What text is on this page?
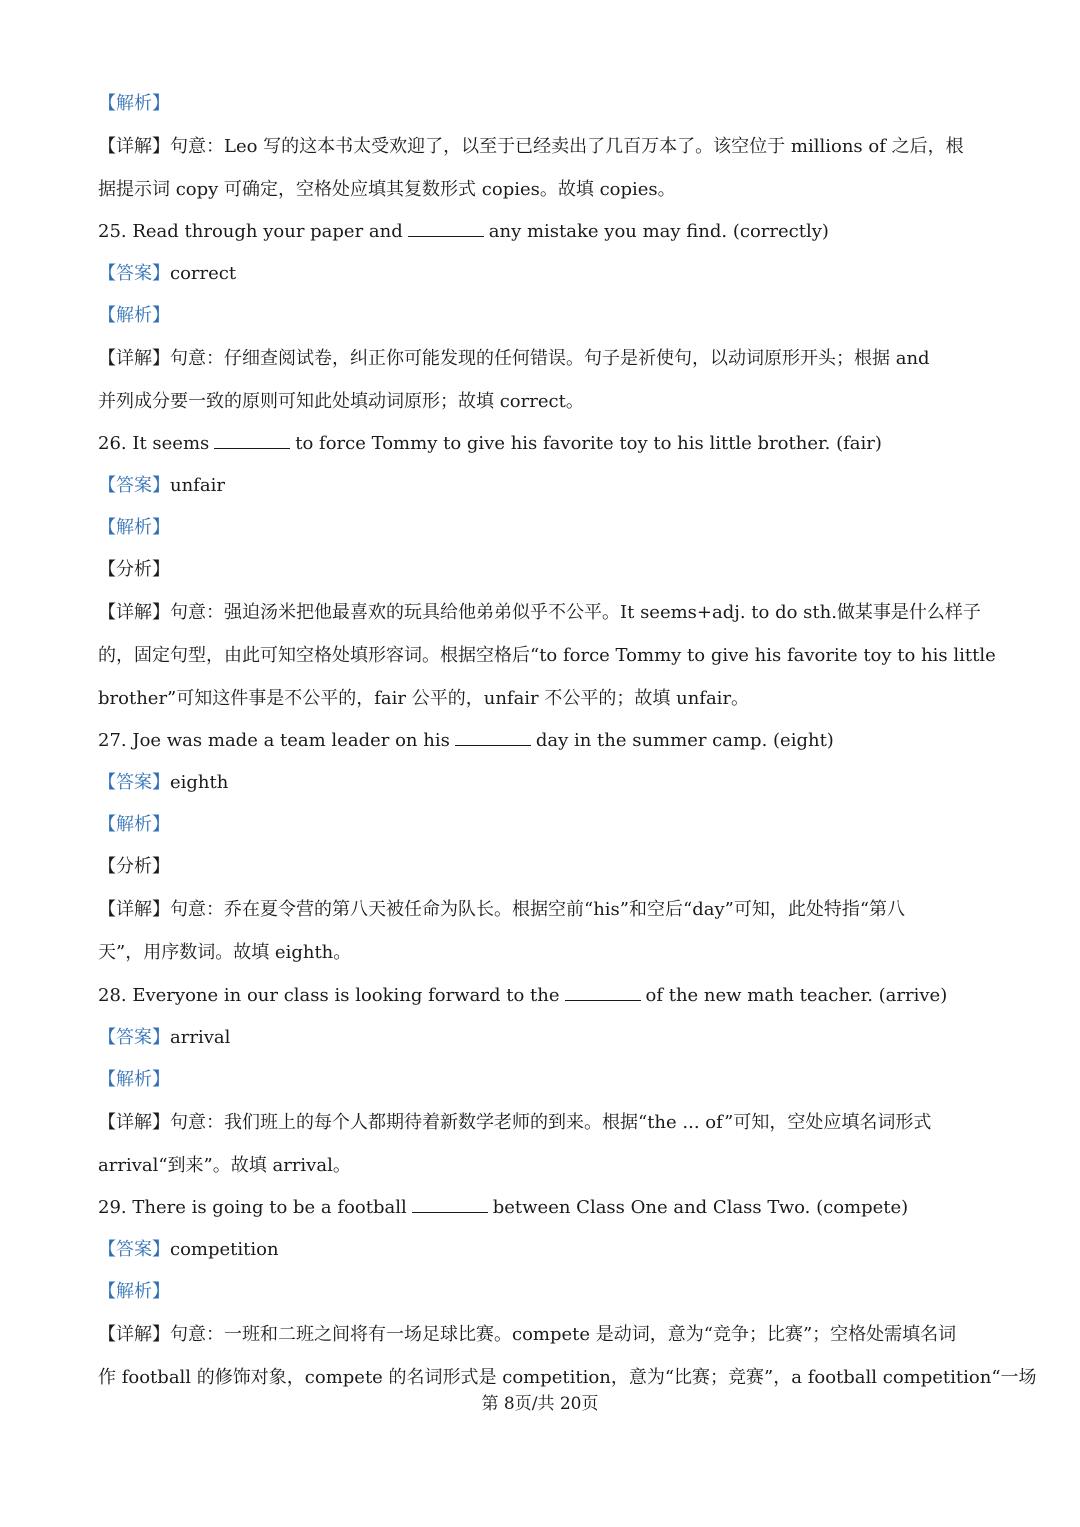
【解析】
【详解】句意：Leo 写的这本书太受欢迎了，以至于已经卖出了几百万本了。该空位于 millions of 之后，根
据提示词 copy 可确定，空格处应填其复数形式 copies。故填 copies。
25. Read through your paper and	any mistake you may find. (correctly)
【答案】correct
【解析】
【详解】句意：仔细查阅试卷，纠正你可能发现的任何错误。句子是祈使句，以动词原形开头；根据 and
并列成分要一致的原则可知此处填动词原形；故填 correct。
26. It seems	to force Tommy to give his favorite toy to his little brother. (fair)
【答案】unfair
【解析】
【分析】
【详解】句意：强迫汤米把他最喜欢的玩具给他弟弟似乎不公平。It seems+adj. to do sth.做某事是什么样子
的，固定句型，由此可知空格处填形容词。根据空格后“to force Tommy to give his favorite toy to his little
brother”可知这件事是不公平的，fair 公平的，unfair 不公平的；故填 unfair。
27. Joe was made a team leader on his	day in the summer camp. (eight)
【答案】eighth
【解析】
【分析】
【详解】句意：乔在夏令营的第八天被任命为队长。根据空前“his”和空后“day”可知，此处特指“第八
天”，用序数词。故填 eighth。
28. Everyone in our class is looking forward to the	of the new math teacher. (arrive)
【答案】arrival
【解析】
【详解】句意：我们班上的每个人都期待着新数学老师的到来。根据“the ... of”可知，空处应填名词形式
arrival“到来”。故填 arrival。
29. There is going to be a football	between Class One and Class Two. (compete)
【答案】competition
【解析】
【详解】句意：一班和二班之间将有一场足球比赛。compete 是动词，意为“竞争；比赛”；空格处需填名词
作 football 的修饰对象，compete 的名词形式是 competition，意为“比赛；竞赛”，a football competition“一场
第 8页/共 20页
